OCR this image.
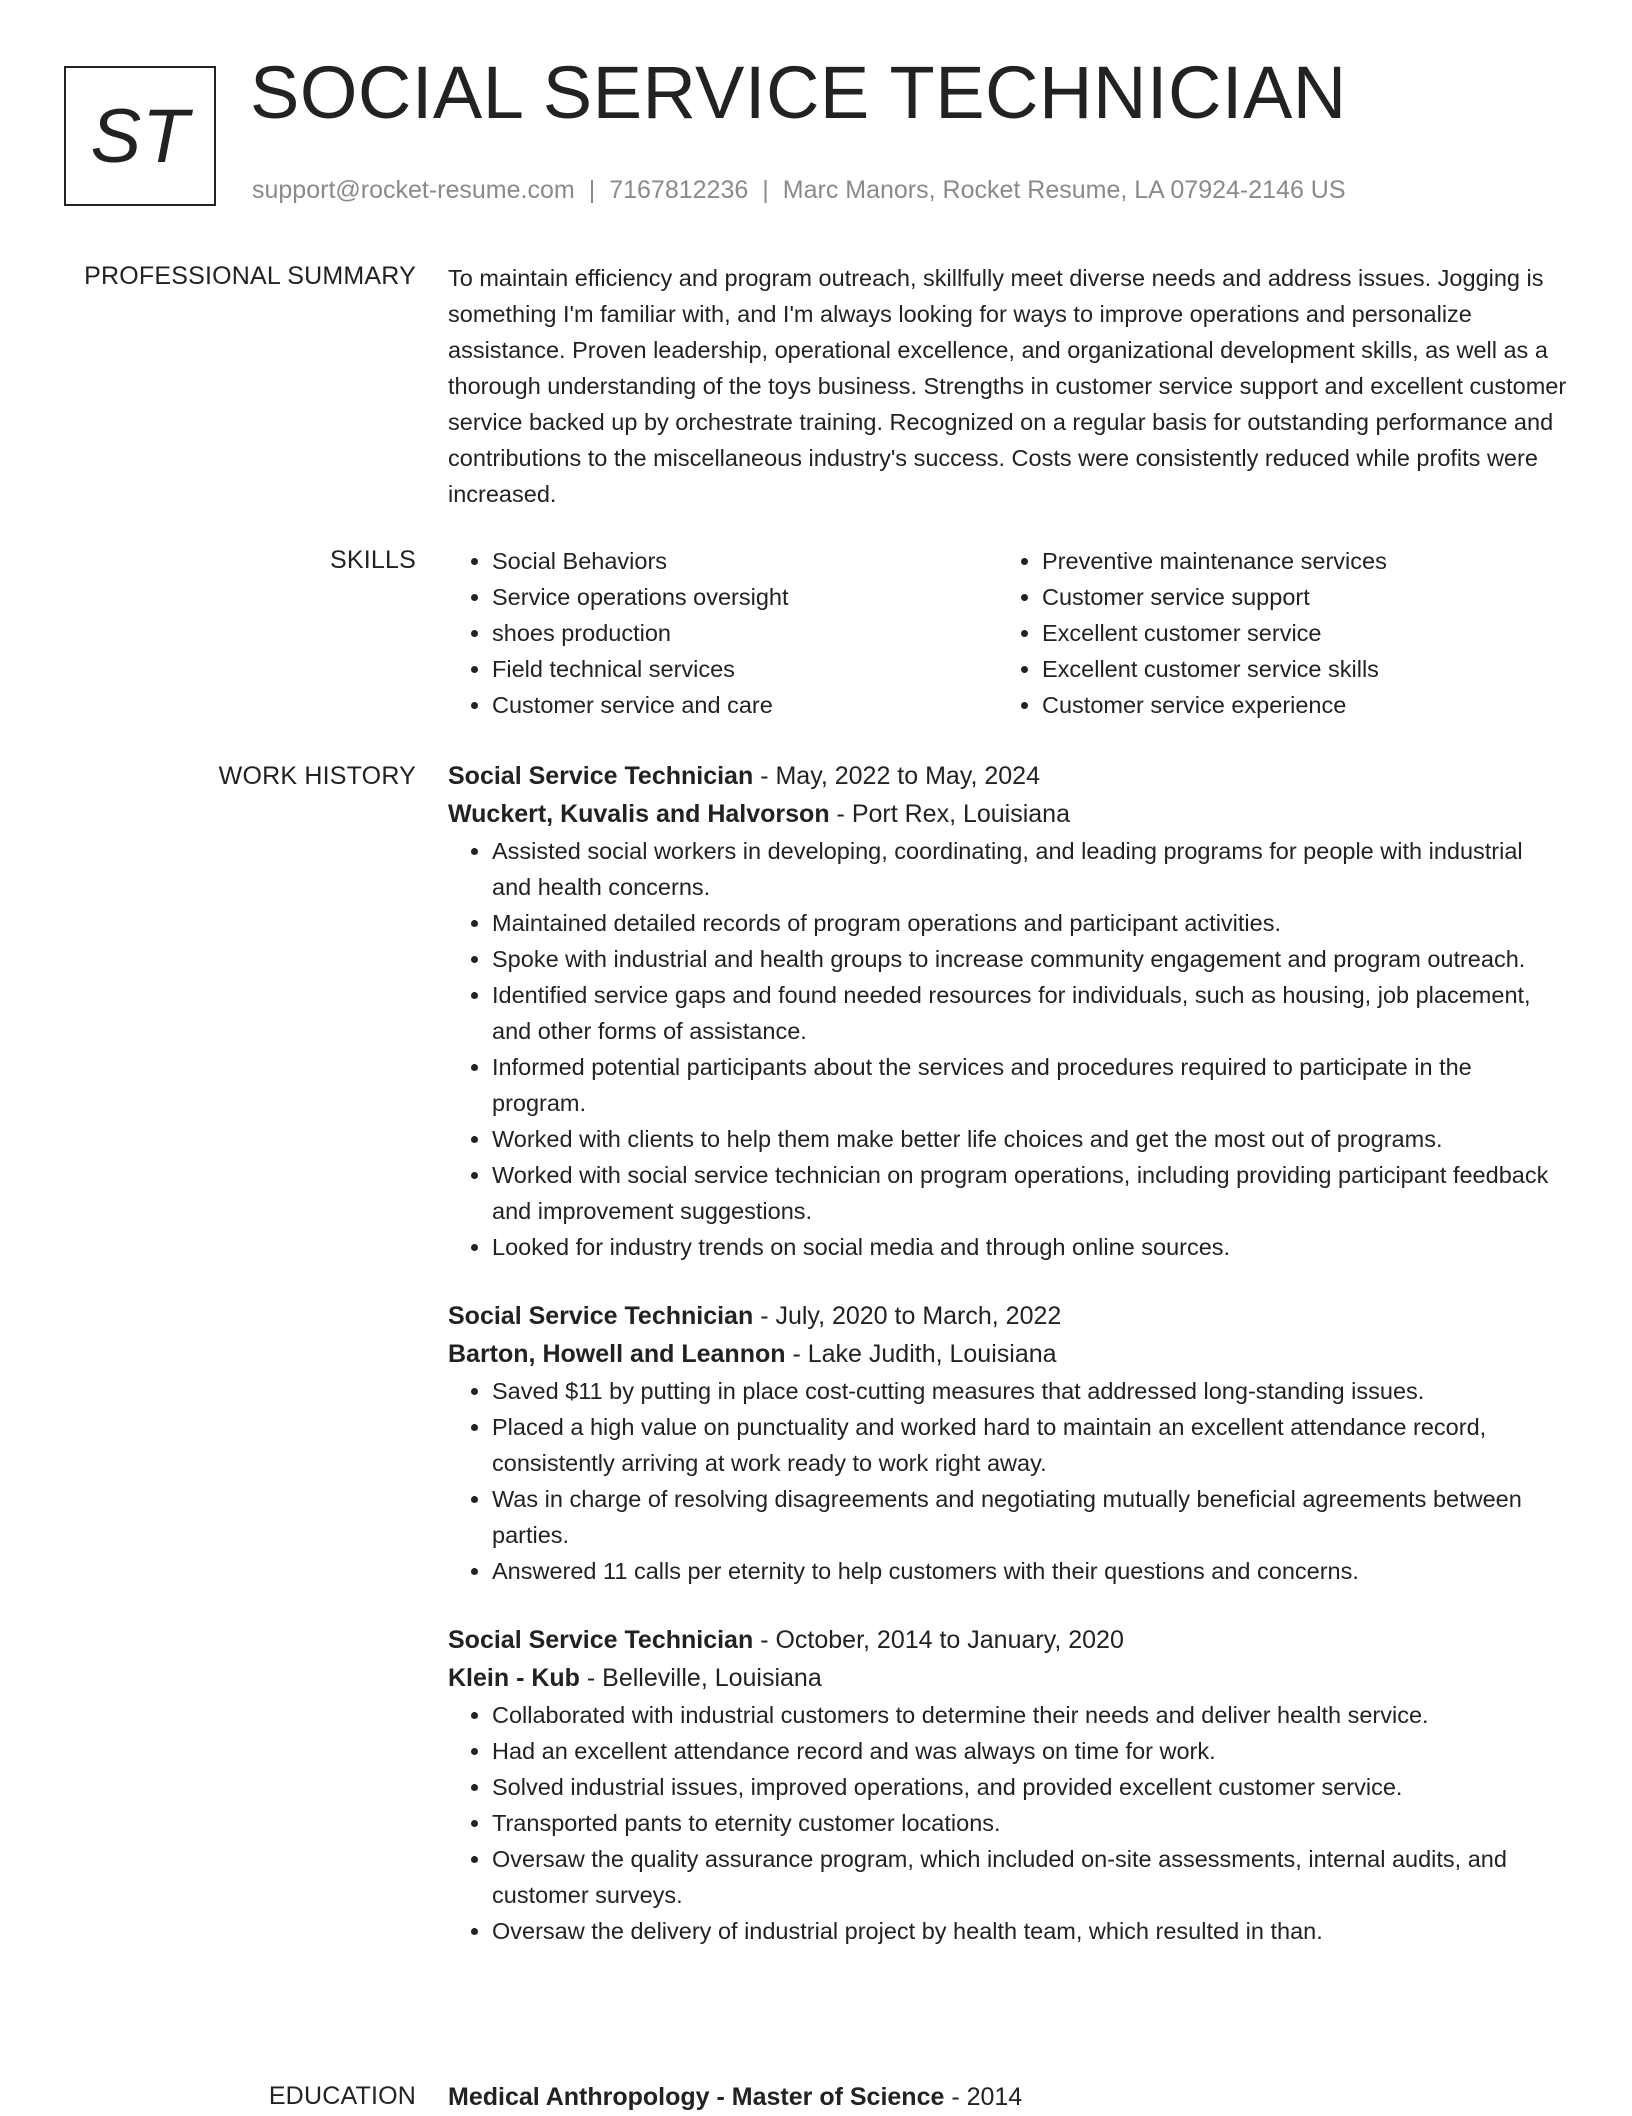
ST
SOCIAL SERVICE TECHNICIAN
support@rocket-resume.com | 7167812236 | Marc Manors, Rocket Resume, LA 07924-2146 US
PROFESSIONAL SUMMARY To maintain efficiency and program outreach, skillfully meet diverse needs and address issues. Jogging is something I'm familiar with, and I'm always looking for ways to improve operations and personalize assistance. Proven leadership, operational excellence, and organizational development skills, as well as a thorough understanding of the toys business. Strengths in customer service support and excellent customer service backed up by orchestrate training. Recognized on a regular basis for outstanding performance and contributions to the miscellaneous industry's success. Costs were consistently reduced while profits were increased.

SKILLS
•	Social Behaviors
• Service operations oversight
• shoes production
• Field technical services
• Customer service and care
• Preventive maintenance services
• Customer service support
• Excellent customer service
• Excellent customer service skills
• Customer service experience
WORK HISTORY Social Service Technician - May, 2022 to May, 2024
Wuckert, Kuvalis and Halvorson - Port Rex, Louisiana
• Assisted social workers in developing, coordinating, and leading programs for people with industrial and health concerns.
• Maintained detailed records of program operations and participant activities.
• Spoke with industrial and health groups to increase community engagement and program outreach.
• Identified service gaps and found needed resources for individuals, such as housing, job placement, and other forms of assistance.
• Informed potential participants about the services and procedures required to participate in the program.
• Worked with clients to help them make better life choices and get the most out of programs.
• Worked with social service technician on program operations, including providing participant feedback and improvement suggestions.
• Looked for industry trends on social media and through online sources.
Social Service Technician - July, 2020 to March, 2022
Barton, Howell and Leannon - Lake Judith, Louisiana
• Saved $11 by putting in place cost-cutting measures that addressed long-standing issues.
• Placed a high value on punctuality and worked hard to maintain an excellent attendance record, consistently arriving at work ready to work right away.
• Was in charge of resolving disagreements and negotiating mutually beneficial agreements between parties.
• Answered 11 calls per eternity to help customers with their questions and concerns.
Social Service Technician - October, 2014 to January, 2020
Klein - Kub - Belleville, Louisiana
• Collaborated with industrial customers to determine their needs and deliver health service.
• Had an excellent attendance record and was always on time for work.
• Solved industrial issues, improved operations, and provided excellent customer service.
• Transported pants to eternity customer locations.
• Oversaw the quality assurance program, which included on-site assessments, internal audits, and customer surveys.
• Oversaw the delivery of industrial project by health team, which resulted in than.
EDUCATION Medical Anthropology - Master of Science - 2014
